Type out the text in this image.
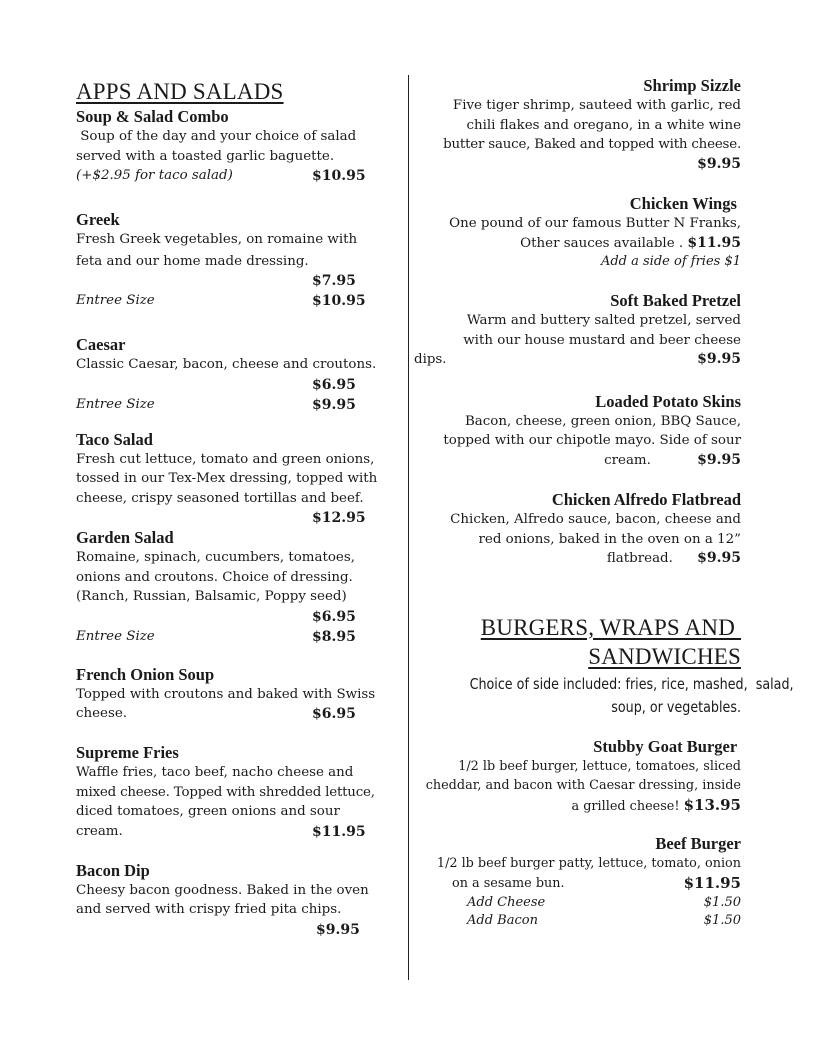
APPS AND SALADS
Soup & Salad Combo
Soup of the day and your choice of salad
served with a toasted garlic baguette.
(+$2.95 for taco salad)	$10.95
Greek
Fresh Greek vegetables, on romaine with
feta and our home made dressing.
$7.95
Entree Size	$10.95
Caesar
Classic Caesar, bacon, cheese and croutons.
$6.95
Entree Size	$9.95
Taco Salad
Fresh cut lettuce, tomato and green onions,
tossed in our Tex-Mex dressing, topped with
cheese, crispy seasoned tortillas and beef.
$12.95
Garden Salad
Romaine, spinach, cucumbers, tomatoes,
onions and croutons. Choice of dressing.
(Ranch, Russian, Balsamic, Poppy seed)
$6.95
Entree Size	$8.95
French Onion Soup
Topped with croutons and baked with Swiss
cheese.	$6.95
Supreme Fries
Waffle fries, taco beef, nacho cheese and
mixed cheese. Topped with shredded lettuce,
diced tomatoes, green onions and sour
cream.	$11.95
Bacon Dip
Cheesy bacon goodness. Baked in the oven
and served with crispy fried pita chips.
$9.95
Shrimp Sizzle
Five tiger shrimp, sauteed with garlic, red
chili flakes and oregano, in a white wine
butter sauce, Baked and topped with cheese.
$9.95
Chicken Wings
One pound of our famous Butter N Franks,
Other sauces available . $11.95
Add a side of fries $1
Soft Baked Pretzel
Warm and buttery salted pretzel, served
with our house mustard and beer cheese
dips.	$9.95
Loaded Potato Skins
Bacon, cheese, green onion, BBQ Sauce,
topped with our chipotle mayo. Side of sour
cream.	$9.95
Chicken Alfredo Flatbread
Chicken, Alfredo sauce, bacon, cheese and
red onions, baked in the oven on a 12”
flatbread. $9.95
BURGERS, WRAPS AND
SANDWICHES
Choice of side included: fries, rice, mashed,  salad,
soup, or vegetables.
Stubby Goat Burger
1/2 lb beef burger, lettuce, tomatoes, sliced
cheddar, and bacon with Caesar dressing, inside
a grilled cheese! $13.95
Beef Burger
1/2 lb beef burger patty, lettuce, tomato, onion
on a sesame bun.	$11.95
Add Cheese	$1.50
Add Bacon	$1.50
